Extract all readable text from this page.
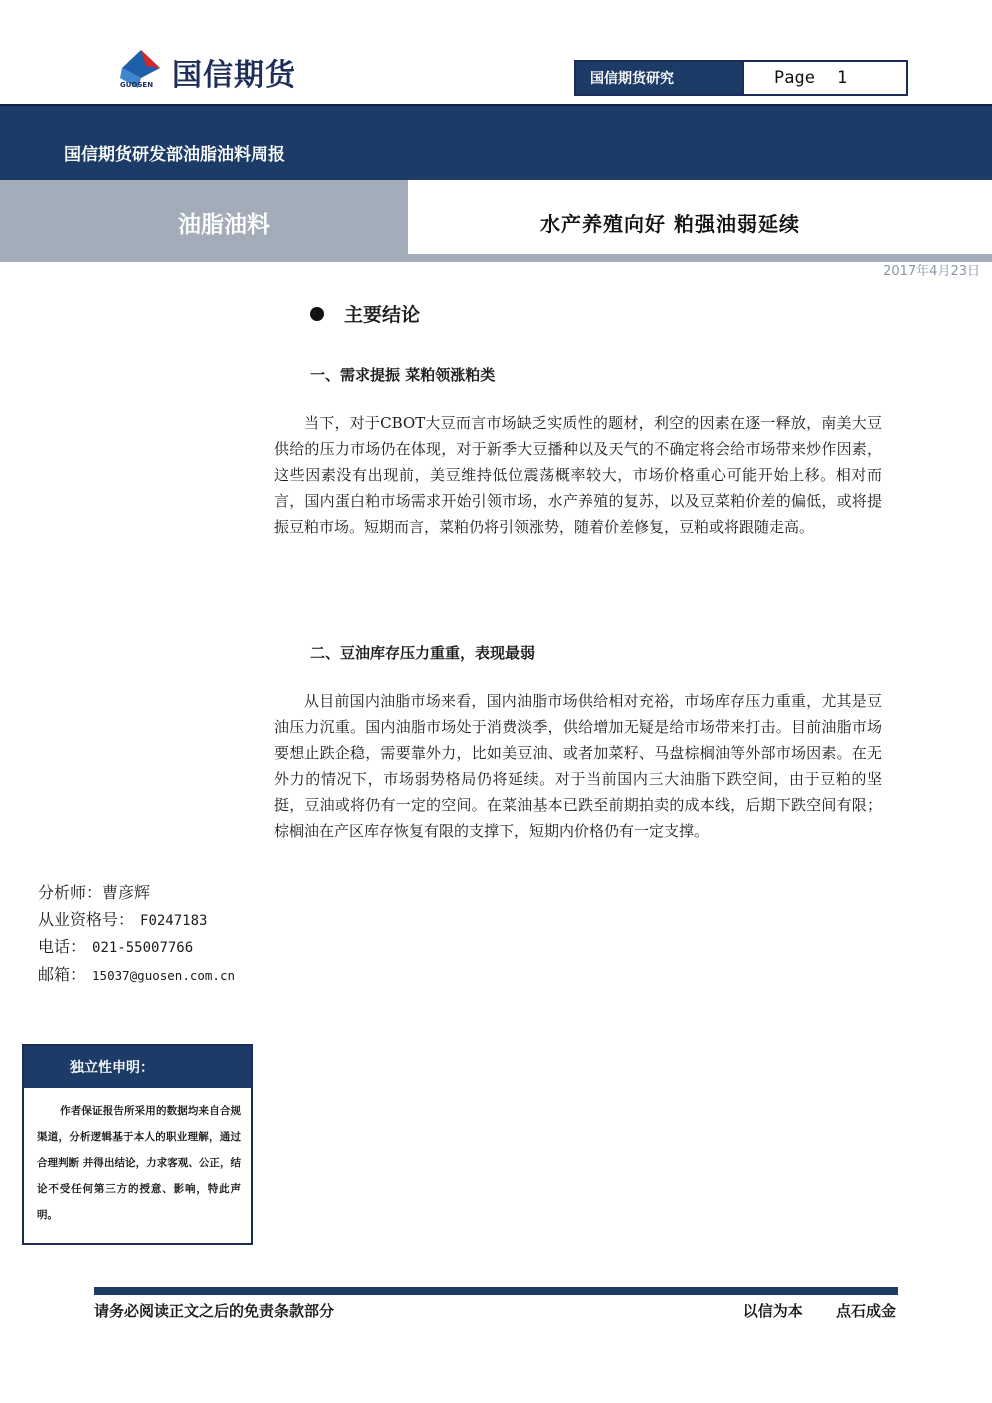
国信期货
GUOSEN	国信期货研究	Page 1
国信期货研发部油脂油料周报
油脂油料	水产养殖向好 粕强油弱延续
2017年4月23日
主要结论
一、需求提振 菜粕领涨粕类

当下，对于CBOT大豆而言市场缺乏实质性的题材，利空的因素在逐一释放，南美大豆供给的压力市场仍在体现，对于新季大豆播种以及天气的不确定将会给市场带来炒作因素，这些因素没有出现前，美豆维持低位震荡概率较大，市场价格重心可能开始上移。相对而言，国内蛋白粕市场需求开始引领市场，水产养殖的复苏，以及豆菜粕价差的偏低，或将提振豆粕市场。短期而言，菜粕仍将引领涨势，随着价差修复，豆粕或将跟随走高。

二、豆油库存压力重重，表现最弱

从目前国内油脂市场来看，国内油脂市场供给相对充裕，市场库存压力重重，尤其是豆油压力沉重。国内油脂市场处于消费淡季，供给增加无疑是给市场带来打击。目前油脂市场要想止跌企稳，需要靠外力，比如美豆油、或者加菜籽、马盘棕榈油等外部市场因素。在无外力的情况下，市场弱势格局仍将延续。对于当前国内三大油脂下跌空间，由于豆粕的坚挺，豆油或将仍有一定的空间。在菜油基本已跌至前期拍卖的成本线，后期下跌空间有限；棕榈油在产区库存恢复有限的支撑下，短期内价格仍有一定支撑。

分析师：曹彦辉
从业资格号： F0247183
电话： 021-55007766
邮箱： 15037@guosen.com.cn
独立性申明：

作者保证报告所采用的数据均来自合规渠道，分析逻辑基于本人的职业理解，通过合理判断 并得出结论，力求客观、公正，结论不受任何第三方的授意、影响，特此声明。

请务必阅读正文之后的免责条款部分	以信为本 点石成金
